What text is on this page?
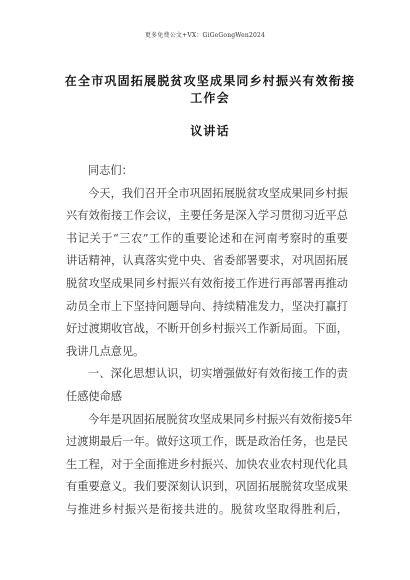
更多免费公文+VX：GiGeGongWen2024
在全市巩固拓展脱贫攻坚成果同乡村振兴有效衔接工作会
议讲话
同志们：
今天，我们召开全市巩固拓展脱贫攻坚成果同乡村振
兴有效衔接工作会议，主要任务是深入学习贯彻习近平总
书记关于“三农”工作的重要论述和在河南考察时的重要
讲话精神，认真落实党中央、省委部署要求，对巩固拓展
脱贫攻坚成果同乡村振兴有效衔接工作进行再部署再推动
动员全市上下坚持问题导向、持续精准发力，坚决打赢打
好过渡期收官战，不断开创乡村振兴工作新局面。下面，
我讲几点意见。
一、深化思想认识，切实增强做好有效衔接工作的责
任感使命感
今年是巩固拓展脱贫攻坚成果同乡村振兴有效衔接5年
过渡期最后一年。做好这项工作，既是政治任务，也是民
生工程，对于全面推进乡村振兴、加快农业农村现代化具
有重要意义。我们要深刻认识到，巩固拓展脱贫攻坚成果
与推进乡村振兴是衔接共进的。脱贫攻坚取得胜利后，
